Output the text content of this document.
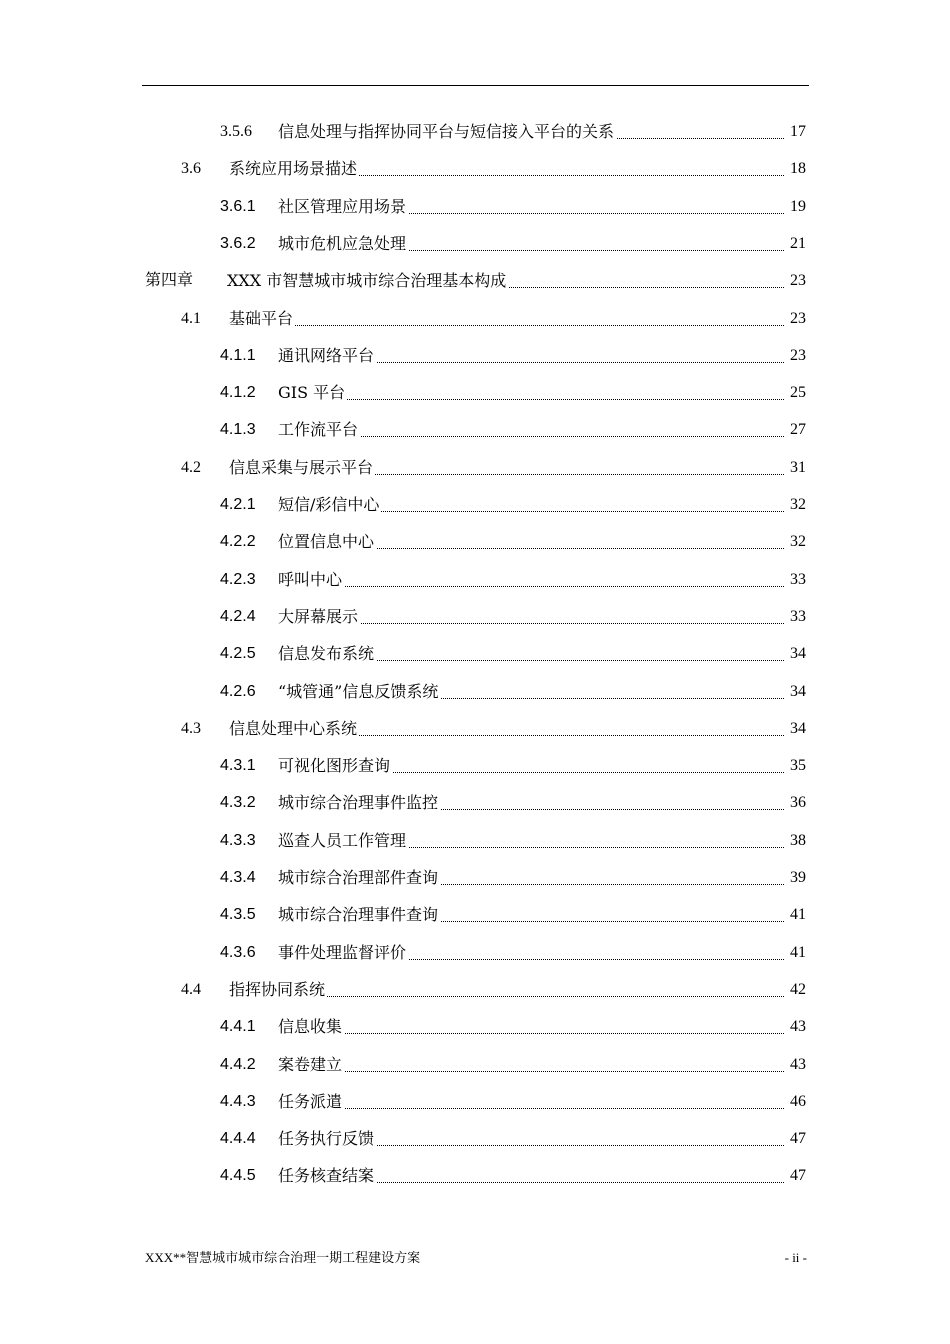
3.5.6 信息处理与指挥协同平台与短信接入平台的关系	17
3.6 系统应用场景描述	18
3.6.1 社区管理应用场景	19
3.6.2 城市危机应急处理	21
第四章 XXX 市智慧城市城市综合治理基本构成	23
4.1 基础平台	23
4.1.1 通讯网络平台	23
4.1.2 GIS 平台	25
4.1.3 工作流平台	27
4.2 信息采集与展示平台	31
4.2.1 短信/彩信中心	32
4.2.2 位置信息中心	32
4.2.3 呼叫中心	33
4.2.4 大屏幕展示	33
4.2.5 信息发布系统	34
4.2.6 “城管通”信息反馈系统	34
4.3 信息处理中心系统	34
4.3.1 可视化图形查询	35
4.3.2 城市综合治理事件监控	36
4.3.3 巡查人员工作管理	38
4.3.4 城市综合治理部件查询	39
4.3.5 城市综合治理事件查询	41
4.3.6 事件处理监督评价	41
4.4 指挥协同系统	42
4.4.1 信息收集	43
4.4.2 案卷建立	43
4.4.3 任务派遣	46
4.4.4 任务执行反馈	47
4.4.5 任务核查结案	47
XXX**智慧城市城市综合治理一期工程建设方案	- ii -
